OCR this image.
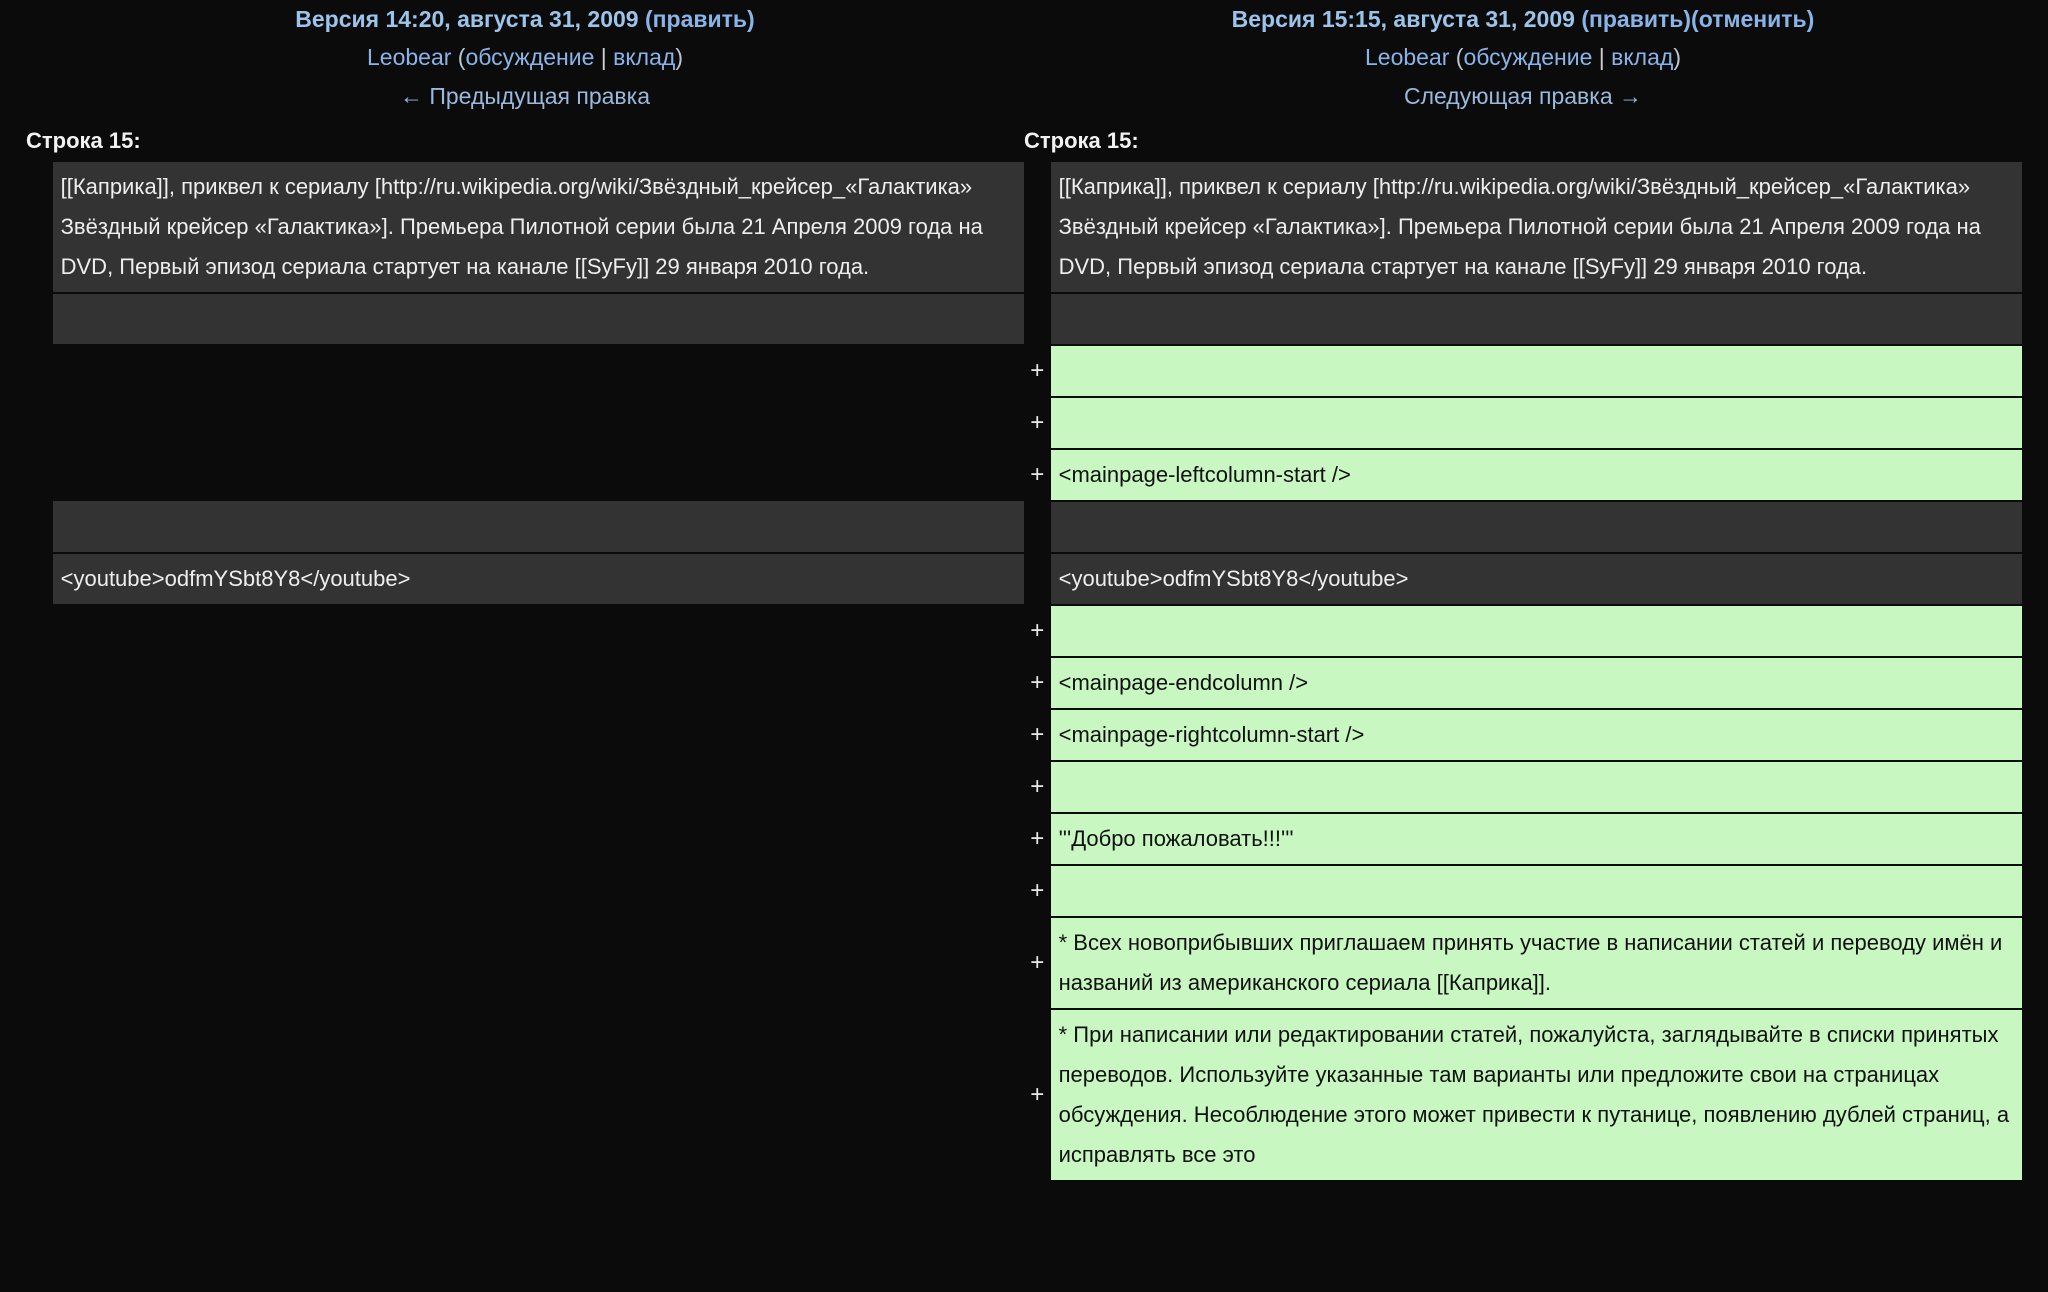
Версия 14:20, августа 31, 2009 (править)
Leobear (обсуждение | вклад)
← Предыдущая правка

Версия 15:15, августа 31, 2009 (править)(отменить)
Leobear (обсуждение | вклад)
Следующая правка →

Строка 15:		Строка 15:	
	[[Каприка]], приквел к сериалу [http://ru.wikipedia.org/wiki/Звёздный_крейсер_«Галактика» Звёздный крейсер «Галактика»]. Премьера Пилотной серии была 21 Апреля 2009 года на DVD, Первый эпизод сериала стартует на канале [[SyFy]] 29 января 2010 года.		[[Каприка]], приквел к сериалу [http://ru.wikipedia.org/wiki/Звёздный_крейсер_«Галактика» Звёздный крейсер «Галактика»]. Премьера Пилотной серии была 21 Апреля 2009 года на DVD, Первый эпизод сериала стартует на канале [[SyFy]] 29 января 2010 года.

		+	
		+	
		+	<mainpage-leftcolumn-start />

	<youtube>odfmYSbt8Y8</youtube>		<youtube>odfmYSbt8Y8</youtube>
		+	
		+	<mainpage-endcolumn />
		+	<mainpage-rightcolumn-start />
		+	
		+	'''Добро пожаловать!!!'''
		+	
		+	* Всех новоприбывших приглашаем принять участие в написании статей и переводу имён и названий из американского сериала [[Каприка]].
		+	* При написании или редактировании статей, пожалуйста, заглядывайте в списки принятых переводов. Используйте указанные там варианты или предложите свои на страницах обсуждения. Несоблюдение этого может привести к путанице, появлению дублей страниц, а исправлять все это
